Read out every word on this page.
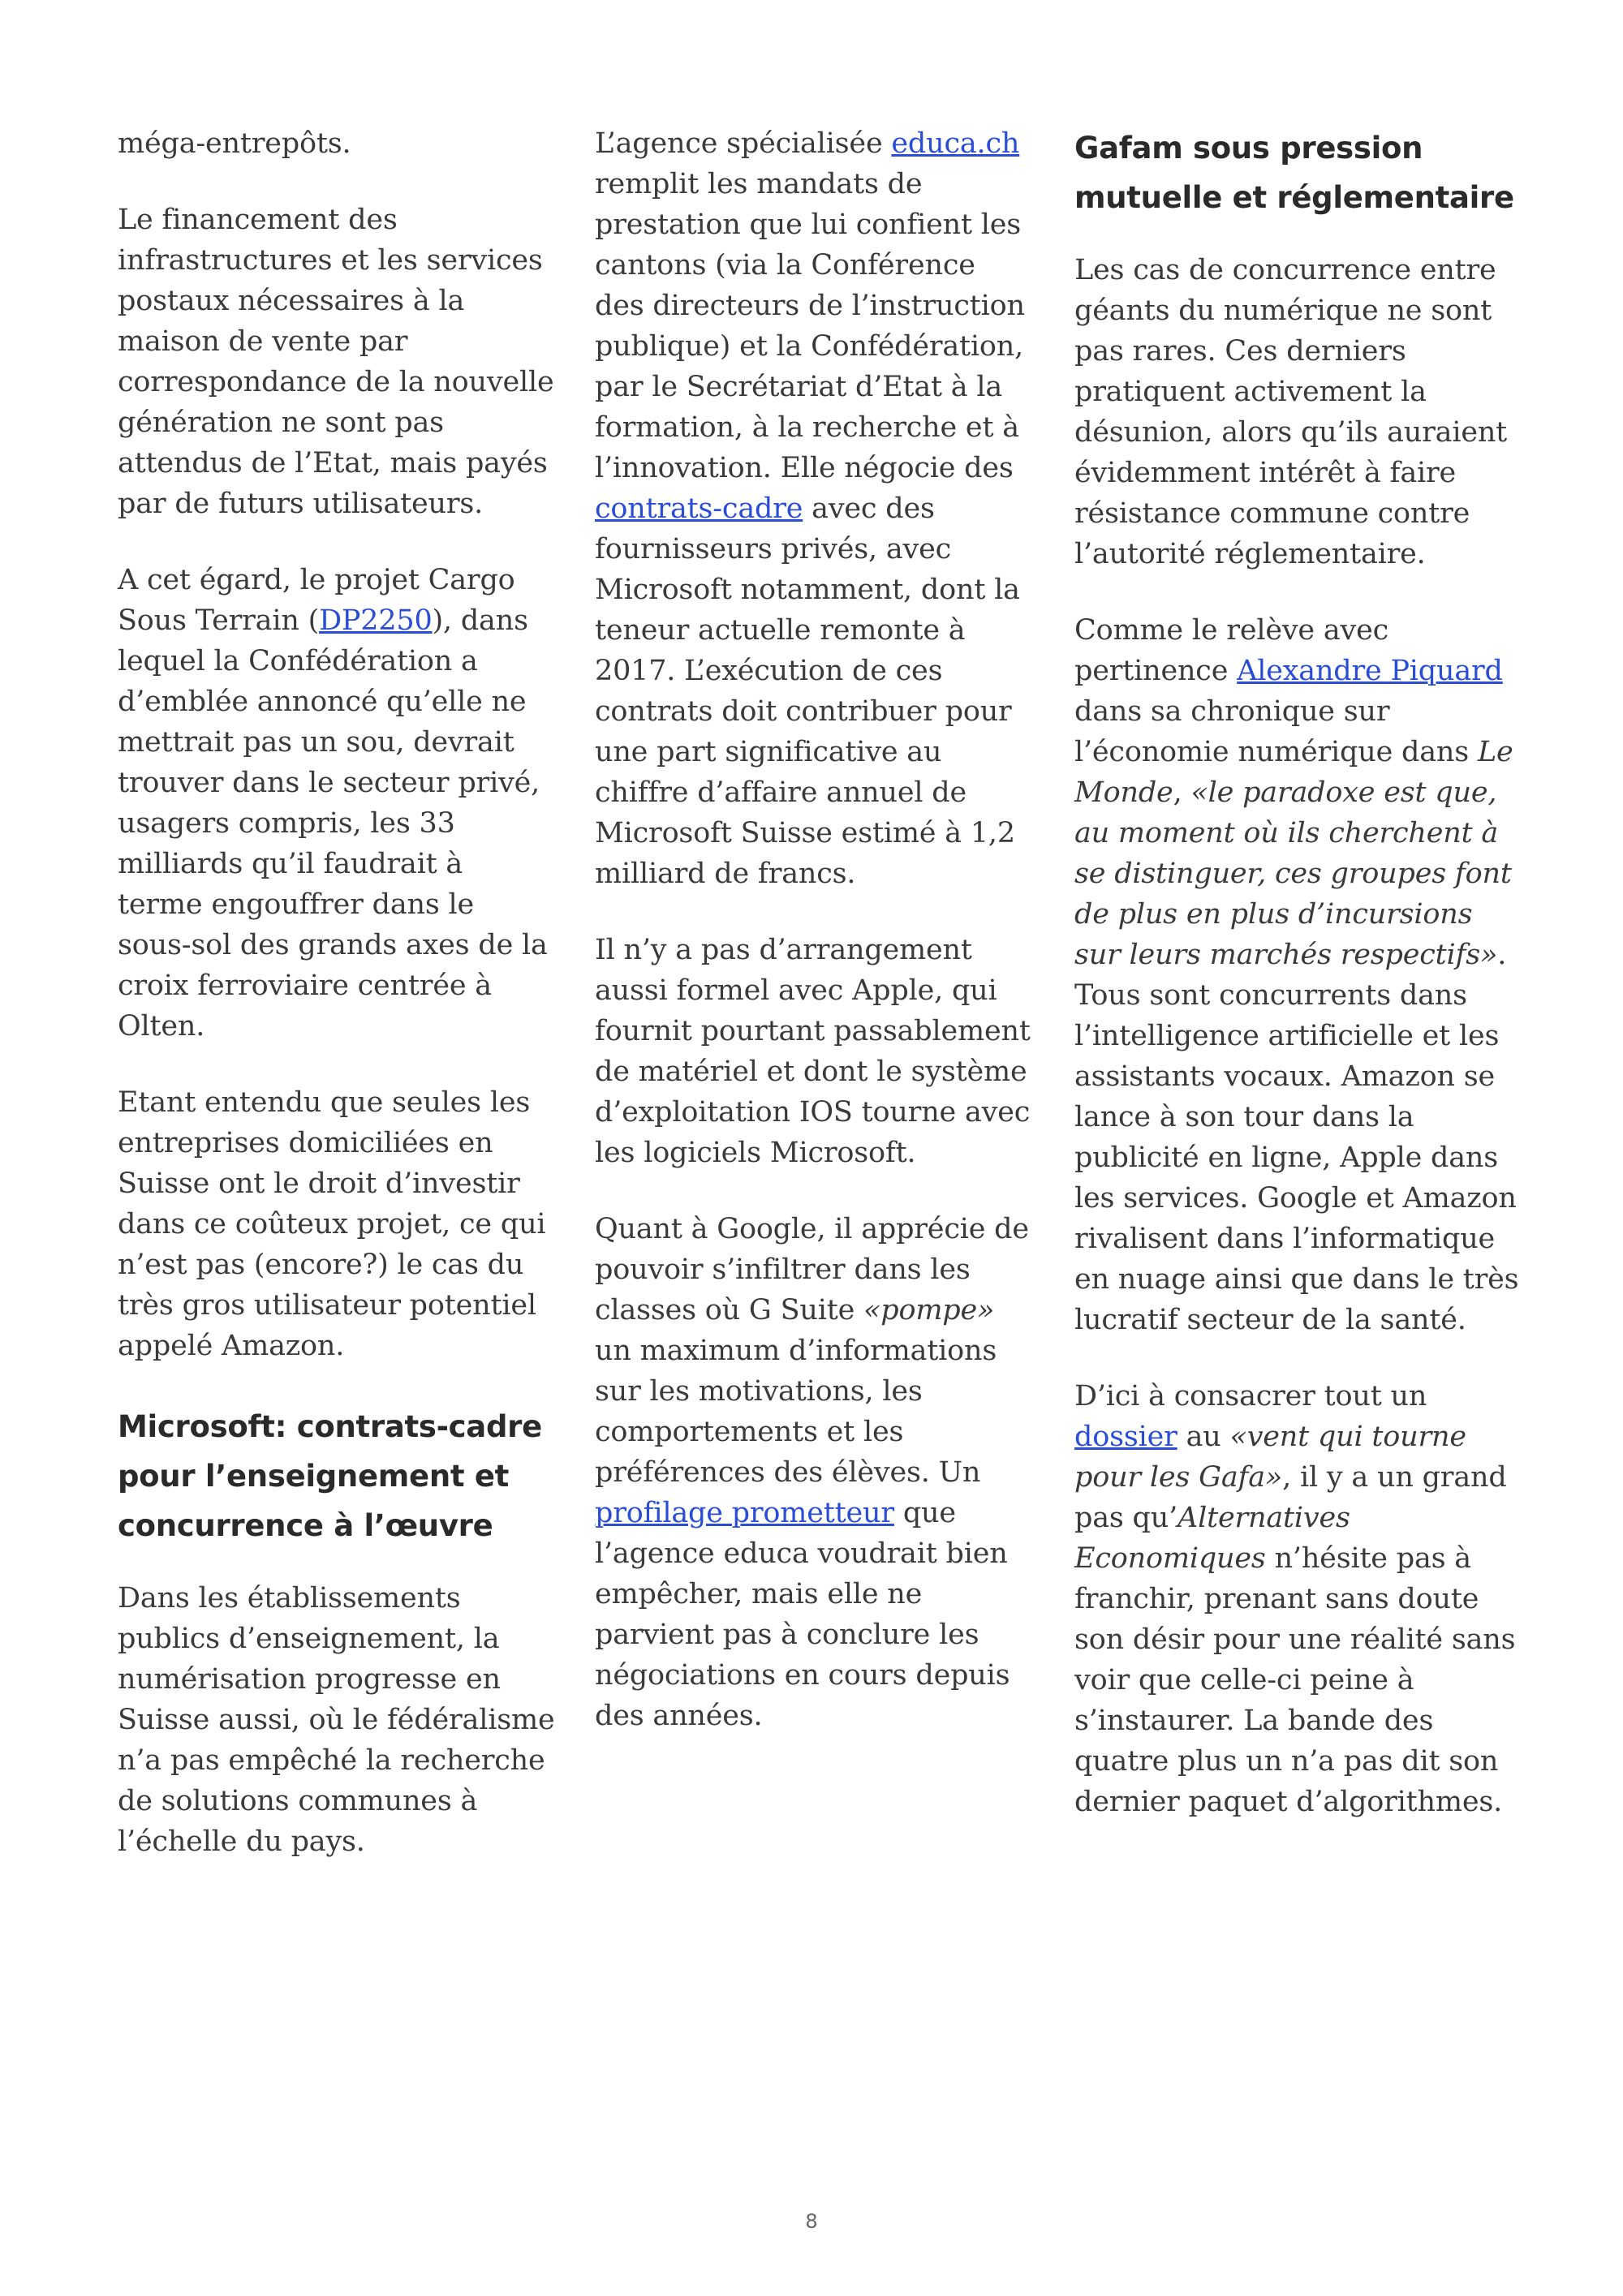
méga-entrepôts.

Le financement des infrastructures et les services postaux nécessaires à la maison de vente par correspondance de la nouvelle génération ne sont pas attendus de l’Etat, mais payés par de futurs utilisateurs.

A cet égard, le projet Cargo Sous Terrain (DP2250), dans lequel la Confédération a d’emblée annoncé qu’elle ne mettrait pas un sou, devrait trouver dans le secteur privé, usagers compris, les 33 milliards qu’il faudrait à terme engouffrer dans le sous-sol des grands axes de la croix ferroviaire centrée à Olten.

Etant entendu que seules les entreprises domiciliées en Suisse ont le droit d’investir dans ce coûteux projet, ce qui n’est pas (encore?) le cas du très gros utilisateur potentiel appelé Amazon.

Microsoft: contrats-cadre pour l’enseignement et concurrence à l’œuvre

Dans les établissements publics d’enseignement, la numérisation progresse en Suisse aussi, où le fédéralisme n’a pas empêché la recherche de solutions communes à l’échelle du pays.

L’agence spécialisée educa.ch remplit les mandats de prestation que lui confient les cantons (via la Conférence des directeurs de l’instruction publique) et la Confédération, par le Secrétariat d’Etat à la formation, à la recherche et à l’innovation. Elle négocie des contrats-cadre avec des fournisseurs privés, avec Microsoft notamment, dont la teneur actuelle remonte à 2017. L’exécution de ces contrats doit contribuer pour une part significative au chiffre d’affaire annuel de Microsoft Suisse estimé à 1,2 milliard de francs.

Il n’y a pas d’arrangement aussi formel avec Apple, qui fournit pourtant passablement de matériel et dont le système d’exploitation IOS tourne avec les logiciels Microsoft.

Quant à Google, il apprécie de pouvoir s’infiltrer dans les classes où G Suite «pompe» un maximum d’informations sur les motivations, les comportements et les préférences des élèves. Un profilage prometteur que l’agence educa voudrait bien empêcher, mais elle ne parvient pas à conclure les négociations en cours depuis des années.

Gafam sous pression mutuelle et réglementaire

Les cas de concurrence entre géants du numérique ne sont pas rares. Ces derniers pratiquent activement la désunion, alors qu’ils auraient évidemment intérêt à faire résistance commune contre l’autorité réglementaire.

Comme le relève avec pertinence Alexandre Piquard dans sa chronique sur l’économie numérique dans Le Monde, «le paradoxe est que, au moment où ils cherchent à se distinguer, ces groupes font de plus en plus d’incursions sur leurs marchés respectifs». Tous sont concurrents dans l’intelligence artificielle et les assistants vocaux. Amazon se lance à son tour dans la publicité en ligne, Apple dans les services. Google et Amazon rivalisent dans l’informatique en nuage ainsi que dans le très lucratif secteur de la santé.

D’ici à consacrer tout un dossier au «vent qui tourne pour les Gafa», il y a un grand pas qu’Alternatives Economiques n’hésite pas à franchir, prenant sans doute son désir pour une réalité sans voir que celle-ci peine à s’instaurer. La bande des quatre plus un n’a pas dit son dernier paquet d’algorithmes.

8
